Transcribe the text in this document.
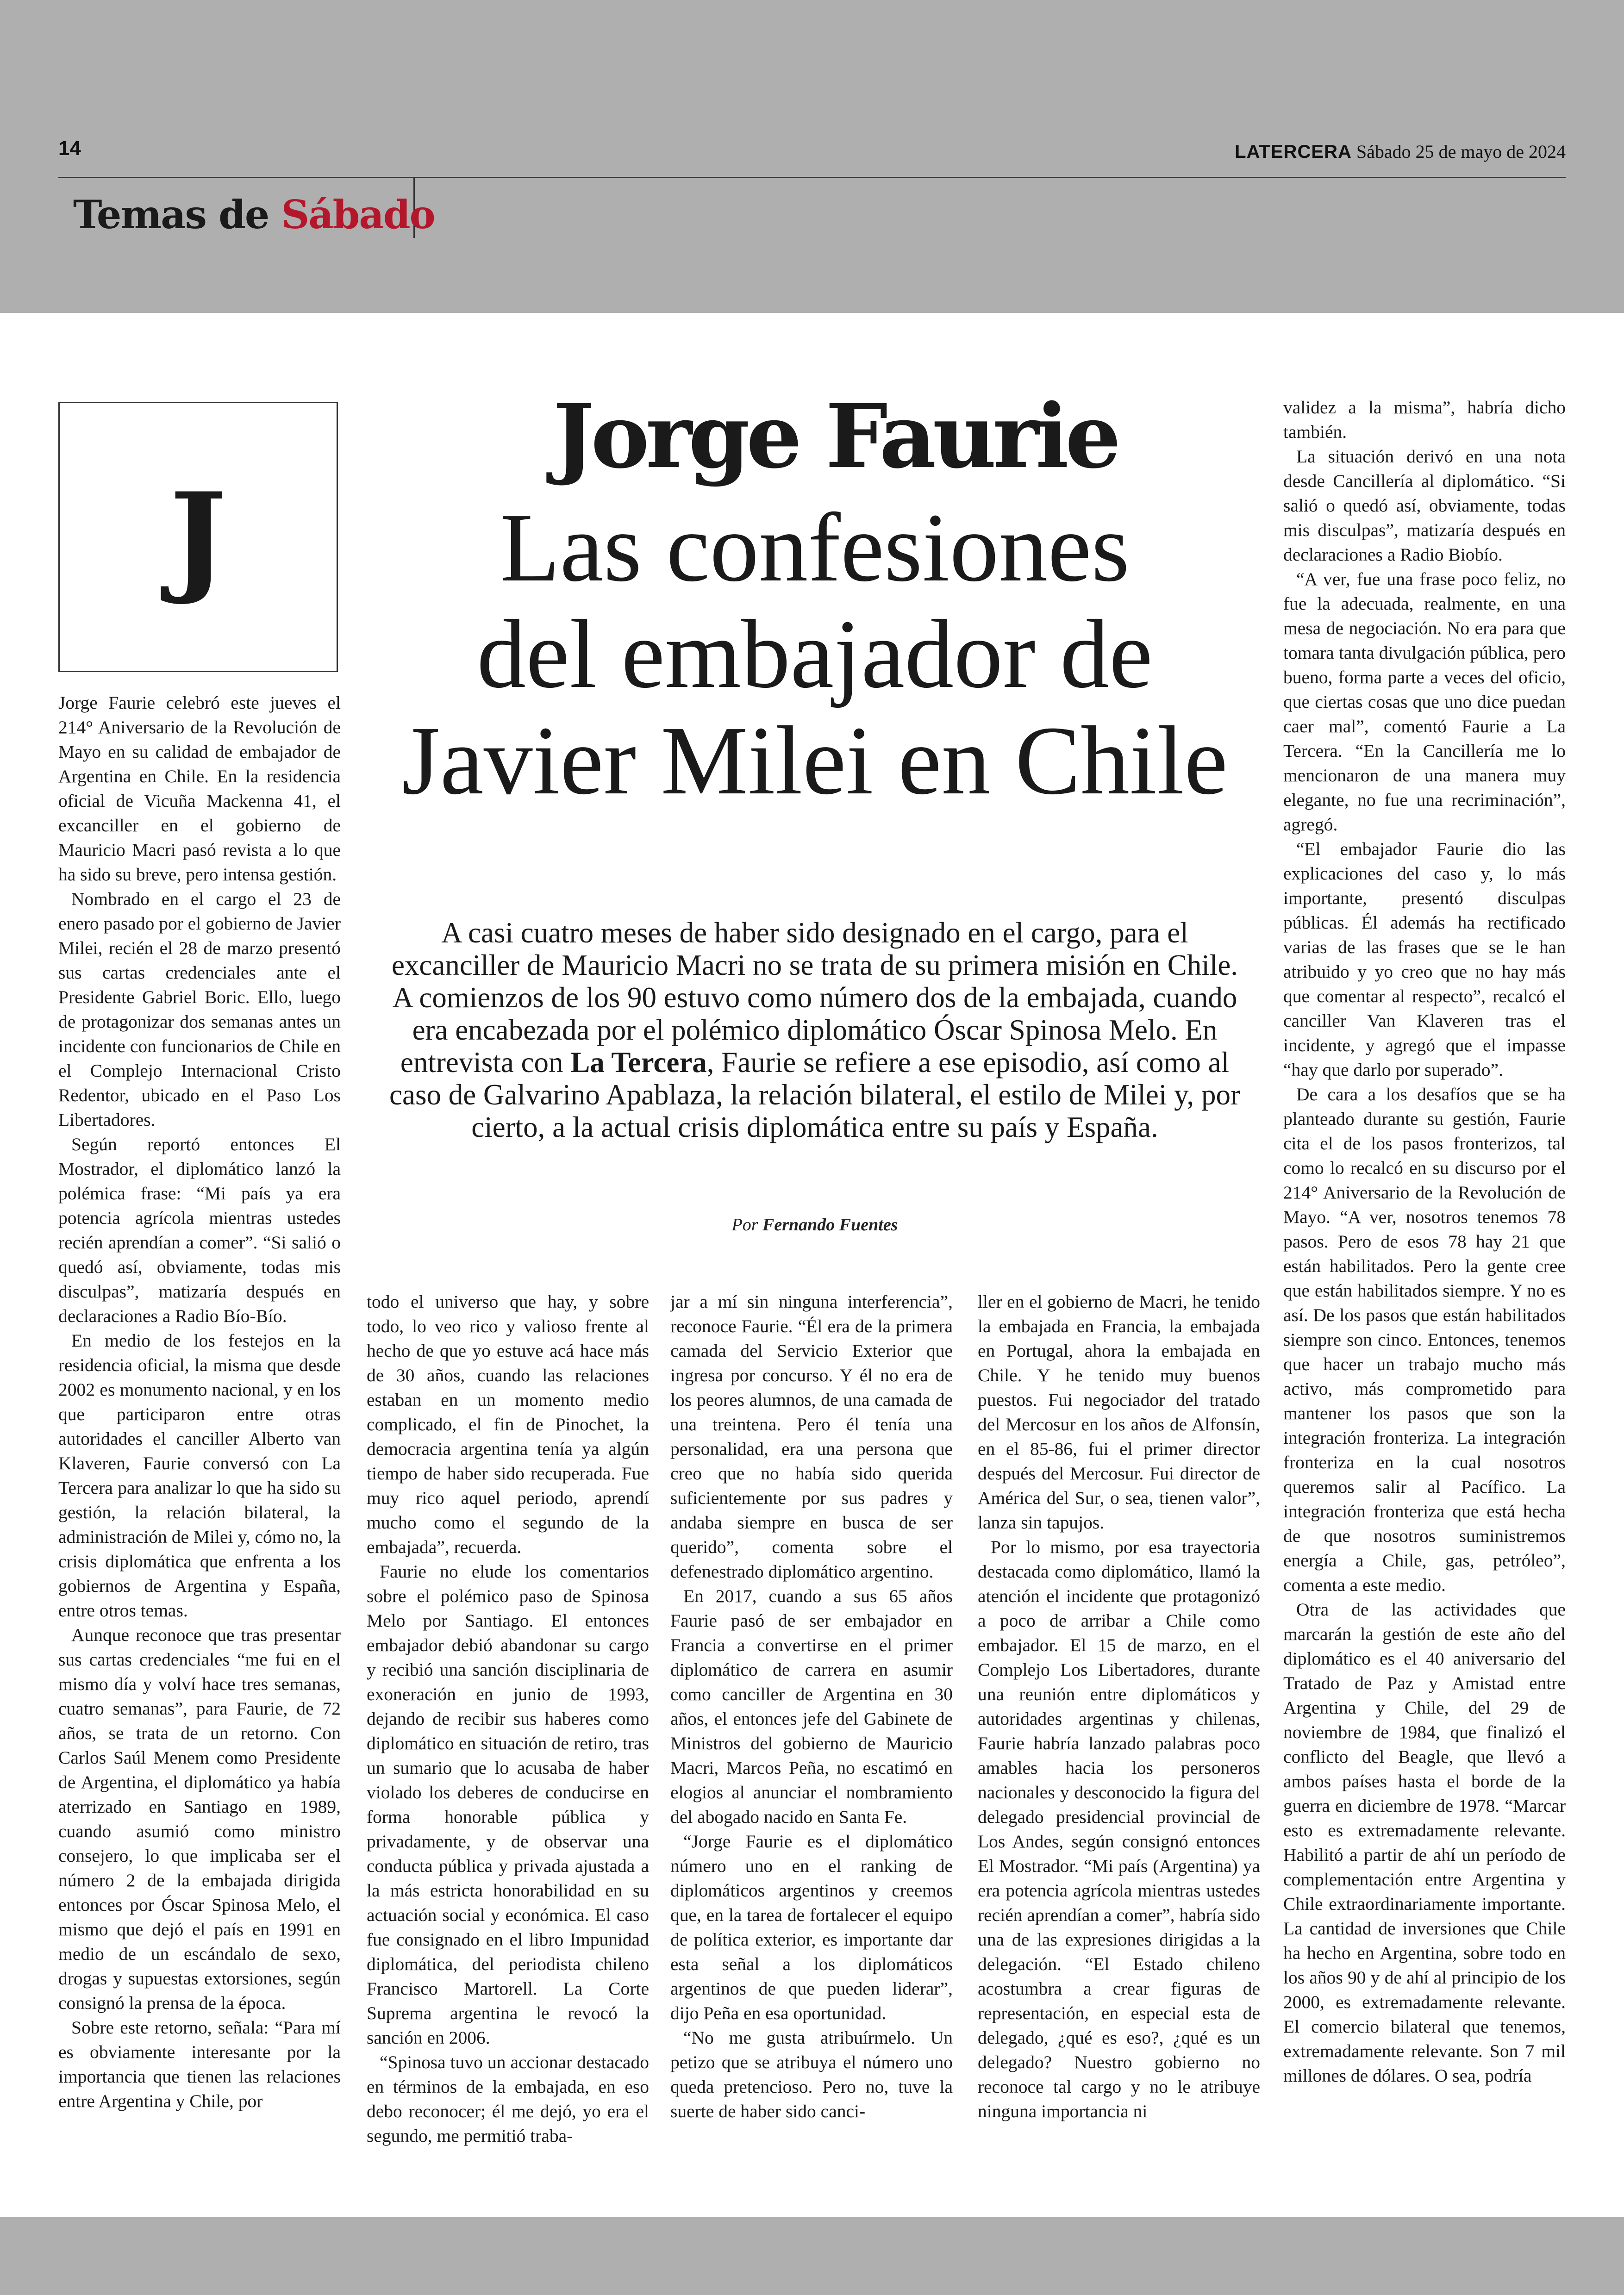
14	LATERCERA Sábado 25 de mayo de 2024
Temas de Sábado
J
Jorge Faurie
Las confesiones
del embajador de
Javier Milei en Chile
A casi cuatro meses de haber sido designado en el cargo, para el excanciller de Mauricio Macri no se trata de su primera misión en Chile. A comienzos de los 90 estuvo como número dos de la embajada, cuando era encabezada por el polémico diplomático Óscar Spinosa Melo. En entrevista con La Tercera, Faurie se refiere a ese episodio, así como al caso de Galvarino Apablaza, la relación bilateral, el estilo de Milei y, por cierto, a la actual crisis diplomática entre su país y España.
Por Fernando Fuentes

Jorge Faurie celebró este jueves el 214° Aniversario de la Revolución de Mayo en su calidad de embajador de Argentina en Chile. En la residencia oficial de Vicuña Mackenna 41, el excanciller en el gobierno de Mauricio Macri pasó revista a lo que ha sido su breve, pero intensa gestión.

Nombrado en el cargo el 23 de enero pasado por el gobierno de Javier Milei, recién el 28 de marzo presentó sus cartas credenciales ante el Presidente Gabriel Boric. Ello, luego de protagonizar dos semanas antes un incidente con funcionarios de Chile en el Complejo Internacional Cristo Redentor, ubicado en el Paso Los Libertadores.

Según reportó entonces El Mostrador, el diplomático lanzó la polémica frase: “Mi país ya era potencia agrícola mientras ustedes recién aprendían a comer”. “Si salió o quedó así, obviamente, todas mis disculpas”, matizaría después en declaraciones a Radio Bío-Bío.

En medio de los festejos en la residencia oficial, la misma que desde 2002 es monumento nacional, y en los que participaron entre otras autoridades el canciller Alberto van Klaveren, Faurie conversó con La Tercera para analizar lo que ha sido su gestión, la relación bilateral, la administración de Milei y, cómo no, la crisis diplomática que enfrenta a los gobiernos de Argentina y España, entre otros temas.

Aunque reconoce que tras presentar sus cartas credenciales “me fui en el mismo día y volví hace tres semanas, cuatro semanas”, para Faurie, de 72 años, se trata de un retorno. Con Carlos Saúl Menem como Presidente de Argentina, el diplomático ya había aterrizado en Santiago en 1989, cuando asumió como ministro consejero, lo que implicaba ser el número 2 de la embajada dirigida entonces por Óscar Spinosa Melo, el mismo que dejó el país en 1991 en medio de un escándalo de sexo, drogas y supuestas extorsiones, según consignó la prensa de la época.

Sobre este retorno, señala: “Para mí es obviamente interesante por la importancia que tienen las relaciones entre Argentina y Chile, por

todo el universo que hay, y sobre todo, lo veo rico y valioso frente al hecho de que yo estuve acá hace más de 30 años, cuando las relaciones estaban en un momento medio complicado, el fin de Pinochet, la democracia argentina tenía ya algún tiempo de haber sido recuperada. Fue muy rico aquel periodo, aprendí mucho como el segundo de la embajada”, recuerda.

Faurie no elude los comentarios sobre el polémico paso de Spinosa Melo por Santiago. El entonces embajador debió abandonar su cargo y recibió una sanción disciplinaria de exoneración en junio de 1993, dejando de recibir sus haberes como diplomático en situación de retiro, tras un sumario que lo acusaba de haber violado los deberes de conducirse en forma honorable pública y privadamente, y de observar una conducta pública y privada ajustada a la más estricta honorabilidad en su actuación social y económica. El caso fue consignado en el libro Impunidad diplomática, del periodista chileno Francisco Martorell. La Corte Suprema argentina le revocó la sanción en 2006.

“Spinosa tuvo un accionar destacado en términos de la embajada, en eso debo reconocer; él me dejó, yo era el segundo, me permitió traba-

jar a mí sin ninguna interferencia”, reconoce Faurie. “Él era de la primera camada del Servicio Exterior que ingresa por concurso. Y él no era de los peores alumnos, de una camada de una treintena. Pero él tenía una personalidad, era una persona que creo que no había sido querida suficientemente por sus padres y andaba siempre en busca de ser querido”, comenta sobre el defenestrado diplomático argentino.

En 2017, cuando a sus 65 años Faurie pasó de ser embajador en Francia a convertirse en el primer diplomático de carrera en asumir como canciller de Argentina en 30 años, el entonces jefe del Gabinete de Ministros del gobierno de Mauricio Macri, Marcos Peña, no escatimó en elogios al anunciar el nombramiento del abogado nacido en Santa Fe.

“Jorge Faurie es el diplomático número uno en el ranking de diplomáticos argentinos y creemos que, en la tarea de fortalecer el equipo de política exterior, es importante dar esta señal a los diplomáticos argentinos de que pueden liderar”, dijo Peña en esa oportunidad.

“No me gusta atribuírmelo. Un petizo que se atribuya el número uno queda pretencioso. Pero no, tuve la suerte de haber sido canci-

ller en el gobierno de Macri, he tenido la embajada en Francia, la embajada en Portugal, ahora la embajada en Chile. Y he tenido muy buenos puestos. Fui negociador del tratado del Mercosur en los años de Alfonsín, en el 85-86, fui el primer director después del Mercosur. Fui director de América del Sur, o sea, tienen valor”, lanza sin tapujos.

Por lo mismo, por esa trayectoria destacada como diplomático, llamó la atención el incidente que protagonizó a poco de arribar a Chile como embajador. El 15 de marzo, en el Complejo Los Libertadores, durante una reunión entre diplomáticos y autoridades argentinas y chilenas, Faurie habría lanzado palabras poco amables hacia los personeros nacionales y desconocido la figura del delegado presidencial provincial de Los Andes, según consignó entonces El Mostrador. “Mi país (Argentina) ya era potencia agrícola mientras ustedes recién aprendían a comer”, habría sido una de las expresiones dirigidas a la delegación. “El Estado chileno acostumbra a crear figuras de representación, en especial esta de delegado, ¿qué es eso?, ¿qué es un delegado? Nuestro gobierno no reconoce tal cargo y no le atribuye ninguna importancia ni

validez a la misma”, habría dicho también.

La situación derivó en una nota desde Cancillería al diplomático. “Si salió o quedó así, obviamente, todas mis disculpas”, matizaría después en declaraciones a Radio Biobío.

“A ver, fue una frase poco feliz, no fue la adecuada, realmente, en una mesa de negociación. No era para que tomara tanta divulgación pública, pero bueno, forma parte a veces del oficio, que ciertas cosas que uno dice puedan caer mal”, comentó Faurie a La Tercera. “En la Cancillería me lo mencionaron de una manera muy elegante, no fue una recriminación”, agregó.

“El embajador Faurie dio las explicaciones del caso y, lo más importante, presentó disculpas públicas. Él además ha rectificado varias de las frases que se le han atribuido y yo creo que no hay más que comentar al respecto”, recalcó el canciller Van Klaveren tras el incidente, y agregó que el impasse “hay que darlo por superado”.

De cara a los desafíos que se ha planteado durante su gestión, Faurie cita el de los pasos fronterizos, tal como lo recalcó en su discurso por el 214° Aniversario de la Revolución de Mayo. “A ver, nosotros tenemos 78 pasos. Pero de esos 78 hay 21 que están habilitados. Pero la gente cree que están habilitados siempre. Y no es así. De los pasos que están habilitados siempre son cinco. Entonces, tenemos que hacer un trabajo mucho más activo, más comprometido para mantener los pasos que son la integración fronteriza. La integración fronteriza en la cual nosotros queremos salir al Pacífico. La integración fronteriza que está hecha de que nosotros suministremos energía a Chile, gas, petróleo”, comenta a este medio.

Otra de las actividades que marcarán la gestión de este año del diplomático es el 40 aniversario del Tratado de Paz y Amistad entre Argentina y Chile, del 29 de noviembre de 1984, que finalizó el conflicto del Beagle, que llevó a ambos países hasta el borde de la guerra en diciembre de 1978. “Marcar esto es extremadamente relevante. Habilitó a partir de ahí un período de complementación entre Argentina y Chile extraordinariamente importante. La cantidad de inversiones que Chile ha hecho en Argentina, sobre todo en los años 90 y de ahí al principio de los 2000, es extremadamente relevante. El comercio bilateral que tenemos, extremadamente relevante. Son 7 mil millones de dólares. O sea, podría
